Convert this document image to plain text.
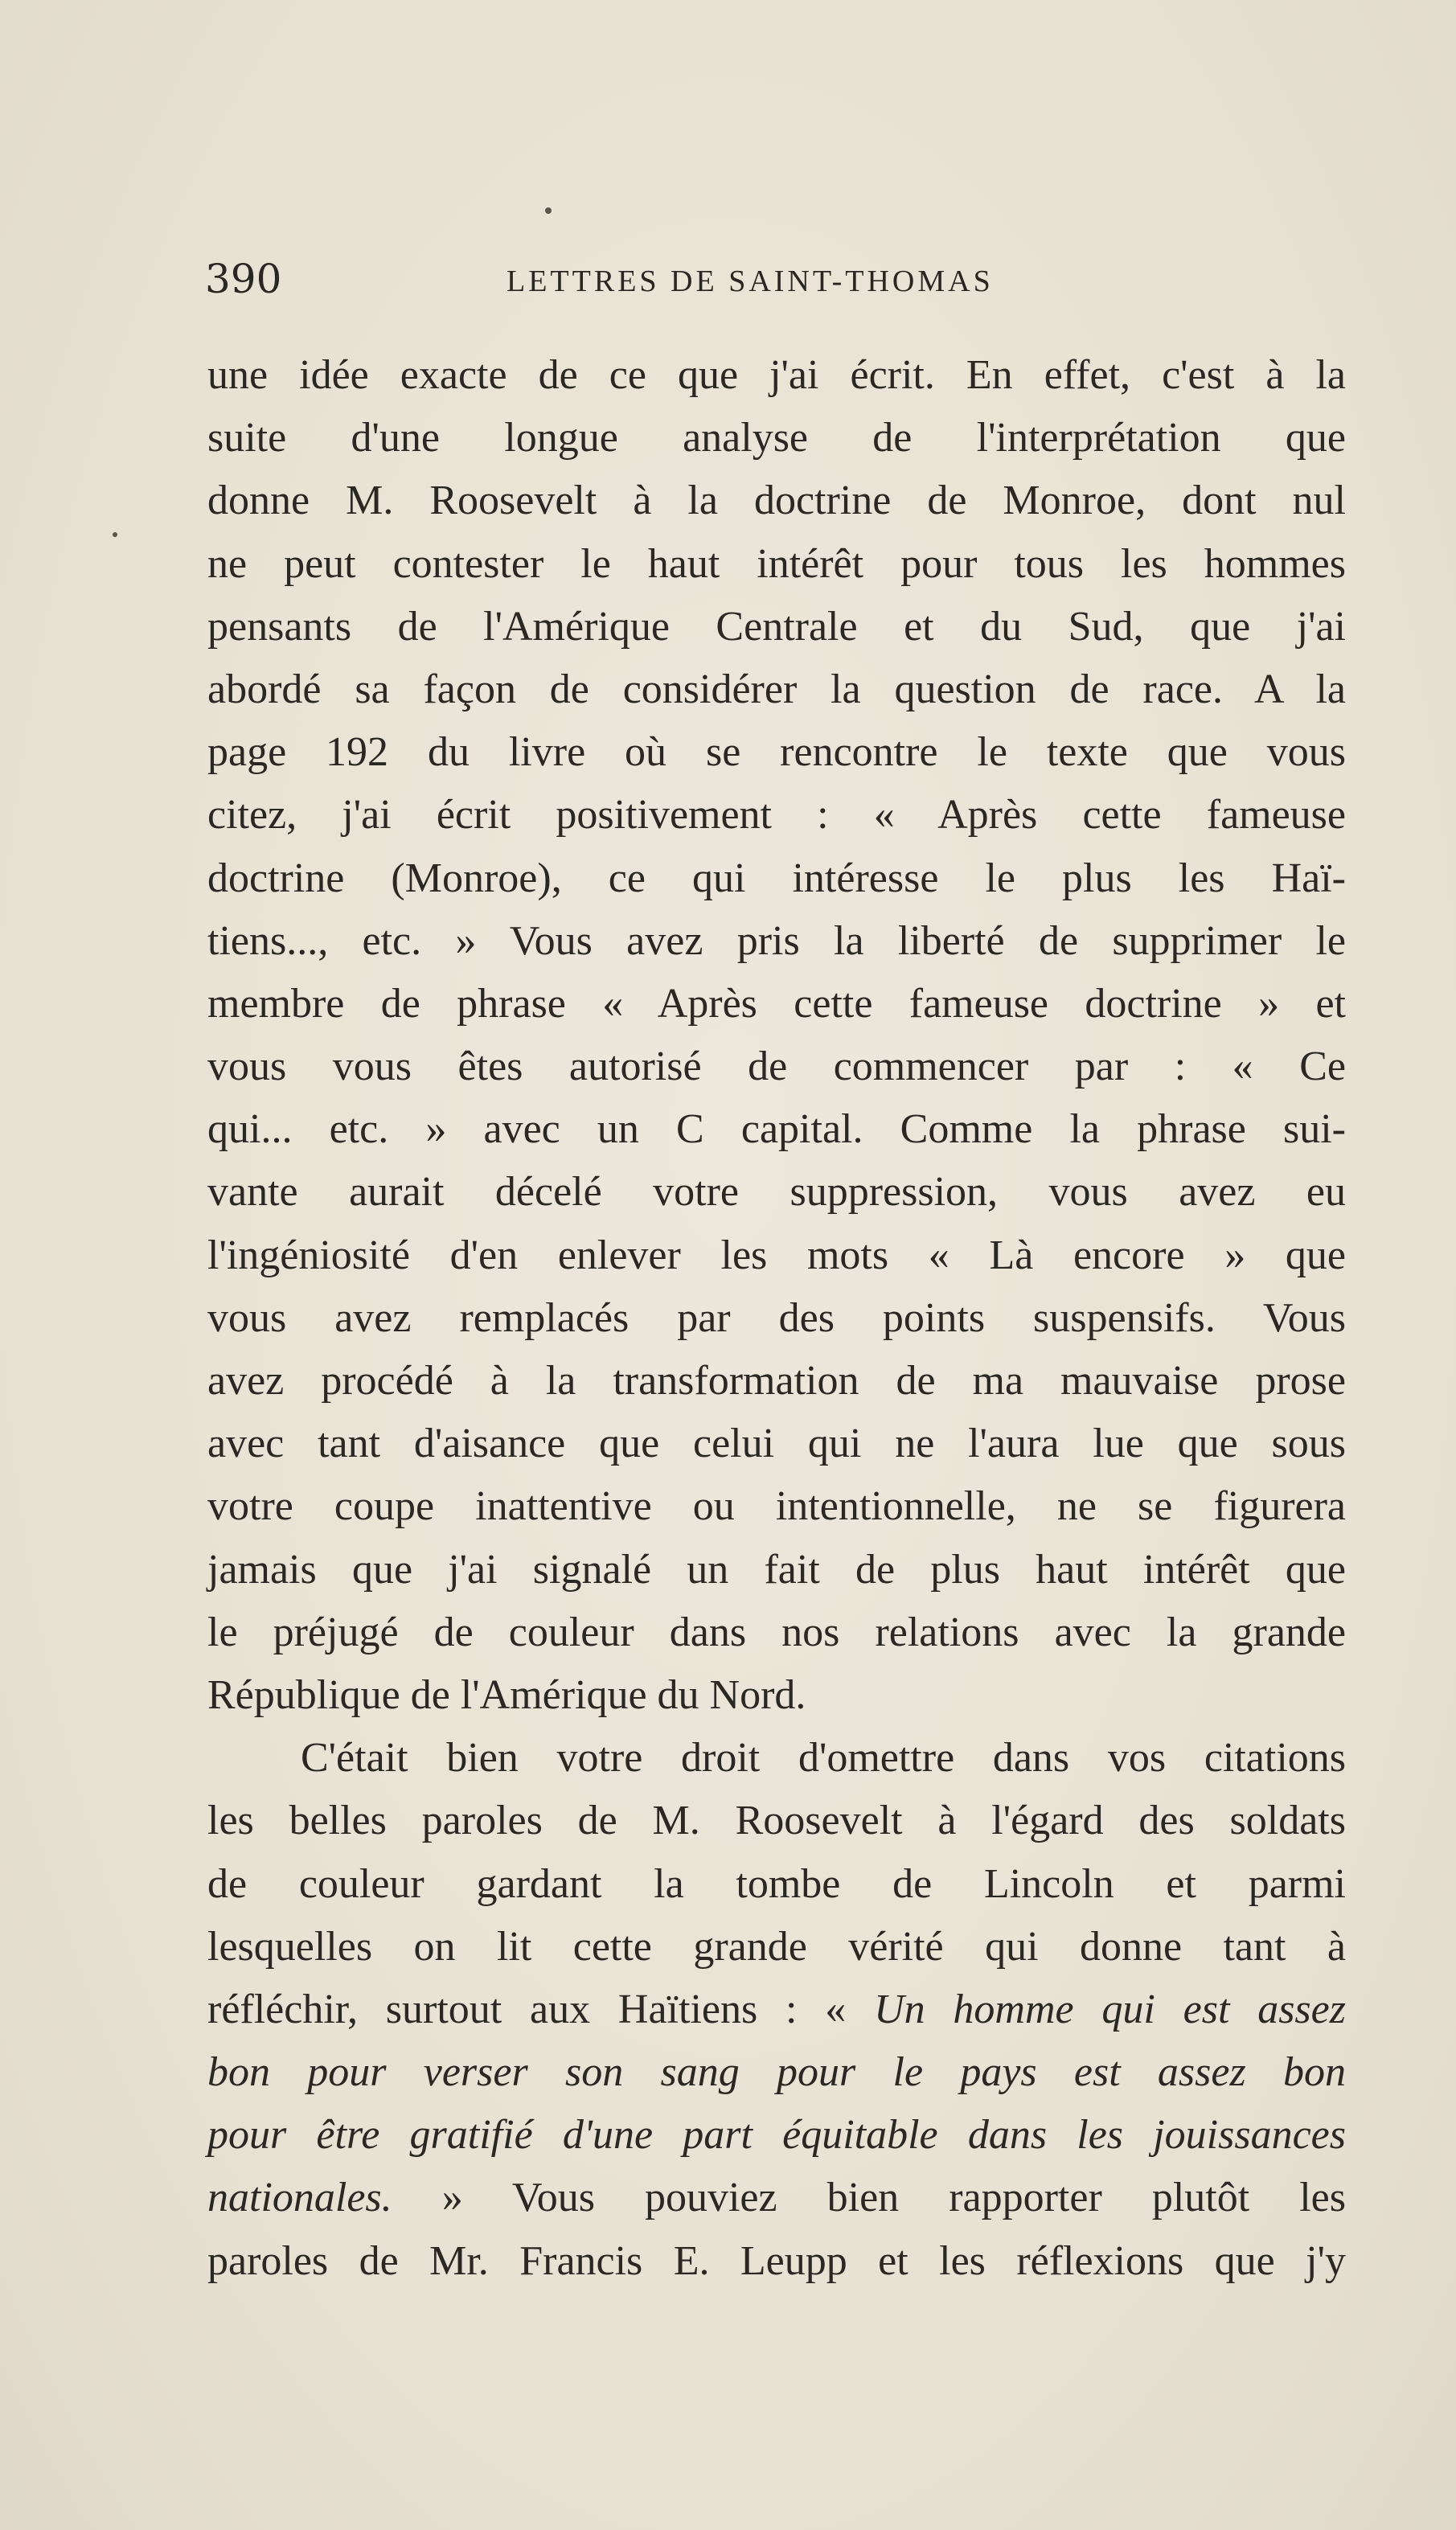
390	LETTRES DE SAINT-THOMAS
une idée exacte de ce que j'ai écrit. En effet, c'est à la
suite d'une longue analyse de l'interprétation que
donne M. Roosevelt à la doctrine de Monroe, dont nul
ne peut contester le haut intérêt pour tous les hommes
pensants de l'Amérique Centrale et du Sud, que j'ai
abordé sa façon de considérer la question de race. A la
page 192 du livre où se rencontre le texte que vous
citez, j'ai écrit positivement : « Après cette fameuse
doctrine (Monroe), ce qui intéresse le plus les Haï-
tiens..., etc. » Vous avez pris la liberté de supprimer le
membre de phrase « Après cette fameuse doctrine » et
vous vous êtes autorisé de commencer par : « Ce
qui... etc. » avec un C capital. Comme la phrase sui-
vante aurait décelé votre suppression, vous avez eu
l'ingéniosité d'en enlever les mots « Là encore » que
vous avez remplacés par des points suspensifs. Vous
avez procédé à la transformation de ma mauvaise prose
avec tant d'aisance que celui qui ne l'aura lue que sous
votre coupe inattentive ou intentionnelle, ne se figurera
jamais que j'ai signalé un fait de plus haut intérêt que
le préjugé de couleur dans nos relations avec la grande
République de l'Amérique du Nord.
C'était bien votre droit d'omettre dans vos citations
les belles paroles de M. Roosevelt à l'égard des soldats
de couleur gardant la tombe de Lincoln et parmi
lesquelles on lit cette grande vérité qui donne tant à
réfléchir, surtout aux Haïtiens : « Un homme qui est assez
bon pour verser son sang pour le pays est assez bon
pour être gratifié d'une part équitable dans les jouissances
nationales. » Vous pouviez bien rapporter plutôt les
paroles de Mr. Francis E. Leupp et les réflexions que j'y
